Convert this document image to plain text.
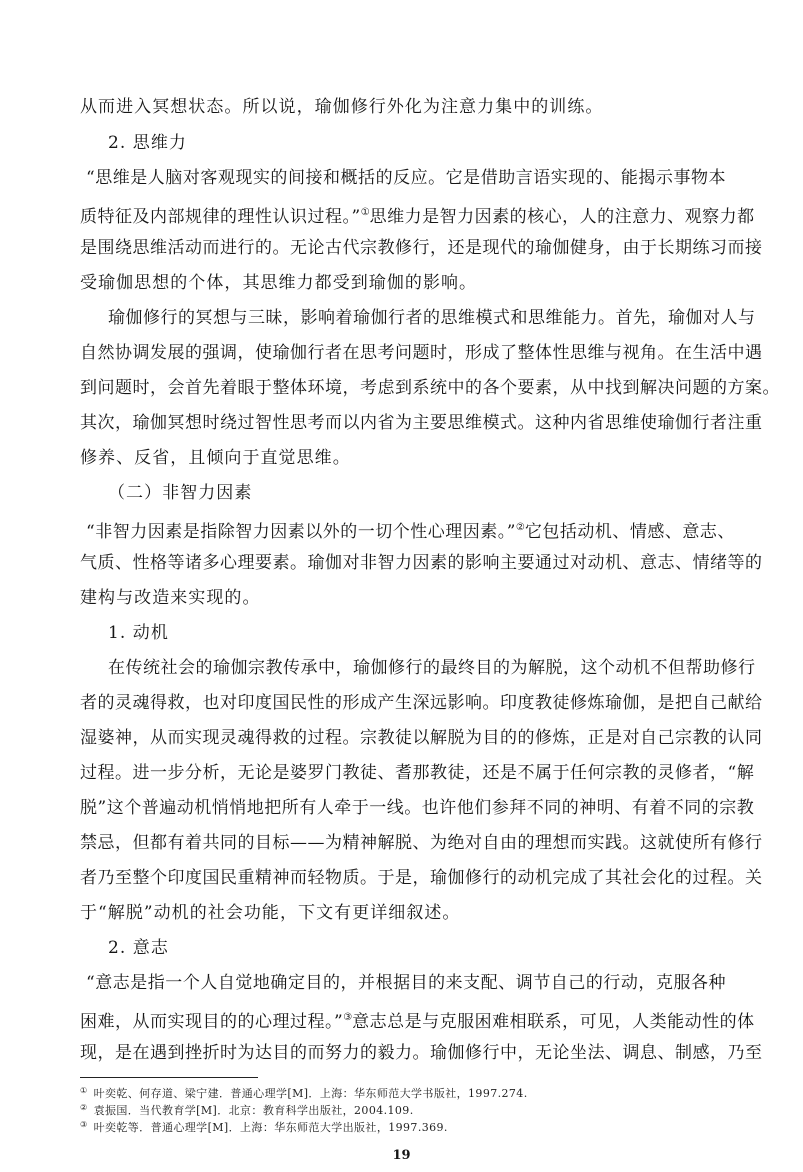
从而进入冥想状态。所以说，瑜伽修行外化为注意力集中的训练。
2. 思维力
“思维是人脑对客观现实的间接和概括的反应。它是借助言语实现的、能揭示事物本
质特征及内部规律的理性认识过程。”①思维力是智力因素的核心，人的注意力、观察力都
是围绕思维活动而进行的。无论古代宗教修行，还是现代的瑜伽健身，由于长期练习而接
受瑜伽思想的个体，其思维力都受到瑜伽的影响。
瑜伽修行的冥想与三昧，影响着瑜伽行者的思维模式和思维能力。首先，瑜伽对人与
自然协调发展的强调，使瑜伽行者在思考问题时，形成了整体性思维与视角。在生活中遇
到问题时，会首先着眼于整体环境，考虑到系统中的各个要素，从中找到解决问题的方案。
其次，瑜伽冥想时绕过智性思考而以内省为主要思维模式。这种内省思维使瑜伽行者注重
修养、反省，且倾向于直觉思维。
（二）非智力因素
“非智力因素是指除智力因素以外的一切个性心理因素。”②它包括动机、情感、意志、
气质、性格等诸多心理要素。瑜伽对非智力因素的影响主要通过对动机、意志、情绪等的
建构与改造来实现的。
1. 动机
在传统社会的瑜伽宗教传承中，瑜伽修行的最终目的为解脱，这个动机不但帮助修行
者的灵魂得救，也对印度国民性的形成产生深远影响。印度教徒修炼瑜伽，是把自己献给
湿婆神，从而实现灵魂得救的过程。宗教徒以解脱为目的的修炼，正是对自己宗教的认同
过程。进一步分析，无论是婆罗门教徒、耆那教徒，还是不属于任何宗教的灵修者，“解
脱”这个普遍动机悄悄地把所有人牵于一线。也许他们参拜不同的神明、有着不同的宗教
禁忌，但都有着共同的目标——为精神解脱、为绝对自由的理想而实践。这就使所有修行
者乃至整个印度国民重精神而轻物质。于是，瑜伽修行的动机完成了其社会化的过程。关
于“解脱”动机的社会功能，下文有更详细叙述。
2. 意志
“意志是指一个人自觉地确定目的，并根据目的来支配、调节自己的行动，克服各种
困难，从而实现目的的心理过程。”③意志总是与克服困难相联系，可见，人类能动性的体
现，是在遇到挫折时为达目的而努力的毅力。瑜伽修行中，无论坐法、调息、制感，乃至
① 叶奕乾、何存道、梁宁建．普通心理学[M]．上海：华东师范大学书版社，1997.274.
② 袁振国．当代教育学[M]．北京：教育科学出版社，2004.109.
③ 叶奕乾等．普通心理学[M]．上海：华东师范大学出版社，1997.369.
19
